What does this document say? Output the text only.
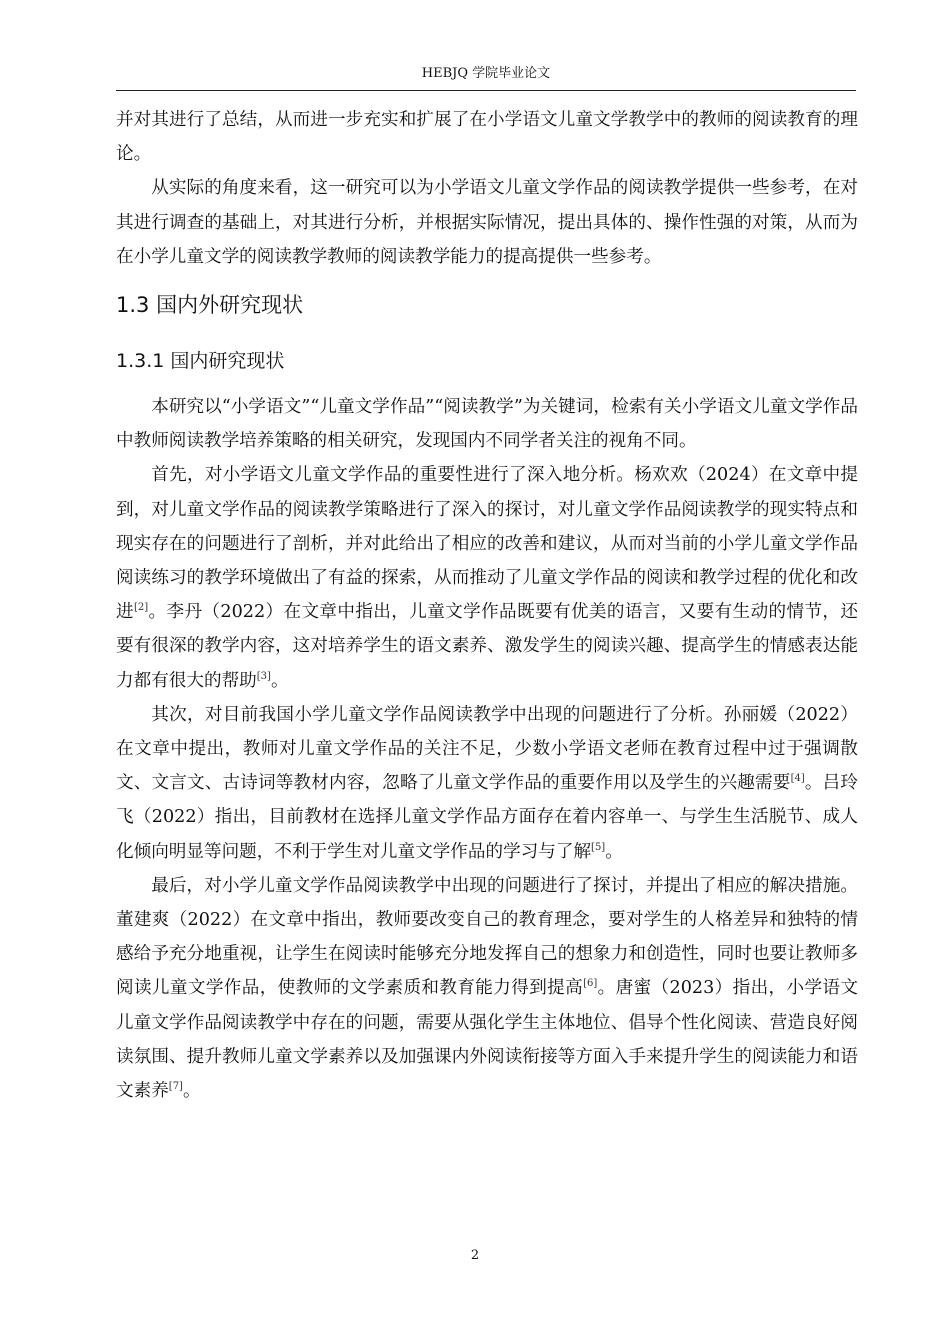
HEBJQ 学院毕业论文

并对其进行了总结，从而进一步充实和扩展了在小学语文儿童文学教学中的教师的阅读教育的理论。

从实际的角度来看，这一研究可以为小学语文儿童文学作品的阅读教学提供一些参考，在对其进行调查的基础上，对其进行分析，并根据实际情况，提出具体的、操作性强的对策，从而为在小学儿童文学的阅读教学教师的阅读教学能力的提高提供一些参考。

1.3 国内外研究现状
1.3.1 国内研究现状

本研究以“小学语文”“儿童文学作品”“阅读教学”为关键词，检索有关小学语文儿童文学作品中教师阅读教学培养策略的相关研究，发现国内不同学者关注的视角不同。

首先，对小学语文儿童文学作品的重要性进行了深入地分析。杨欢欢（2024）在文章中提到，对儿童文学作品的阅读教学策略进行了深入的探讨，对儿童文学作品阅读教学的现实特点和现实存在的问题进行了剖析，并对此给出了相应的改善和建议，从而对当前的小学儿童文学作品阅读练习的教学环境做出了有益的探索，从而推动了儿童文学作品的阅读和教学过程的优化和改进[2]。李丹（2022）在文章中指出，儿童文学作品既要有优美的语言，又要有生动的情节，还要有很深的教学内容，这对培养学生的语文素养、激发学生的阅读兴趣、提高学生的情感表达能力都有很大的帮助[3]。

其次，对目前我国小学儿童文学作品阅读教学中出现的问题进行了分析。孙丽媛（2022）在文章中提出，教师对儿童文学作品的关注不足，少数小学语文老师在教育过程中过于强调散文、文言文、古诗词等教材内容，忽略了儿童文学作品的重要作用以及学生的兴趣需要[4]。吕玲飞（2022）指出，目前教材在选择儿童文学作品方面存在着内容单一、与学生生活脱节、成人化倾向明显等问题，不利于学生对儿童文学作品的学习与了解[5]。

最后，对小学儿童文学作品阅读教学中出现的问题进行了探讨，并提出了相应的解决措施。董建爽（2022）在文章中指出，教师要改变自己的教育理念，要对学生的人格差异和独特的情感给予充分地重视，让学生在阅读时能够充分地发挥自己的想象力和创造性，同时也要让教师多阅读儿童文学作品，使教师的文学素质和教育能力得到提高[6]。唐蜜（2023）指出，小学语文儿童文学作品阅读教学中存在的问题，需要从强化学生主体地位、倡导个性化阅读、营造良好阅读氛围、提升教师儿童文学素养以及加强课内外阅读衔接等方面入手来提升学生的阅读能力和语文素养[7]。

2
